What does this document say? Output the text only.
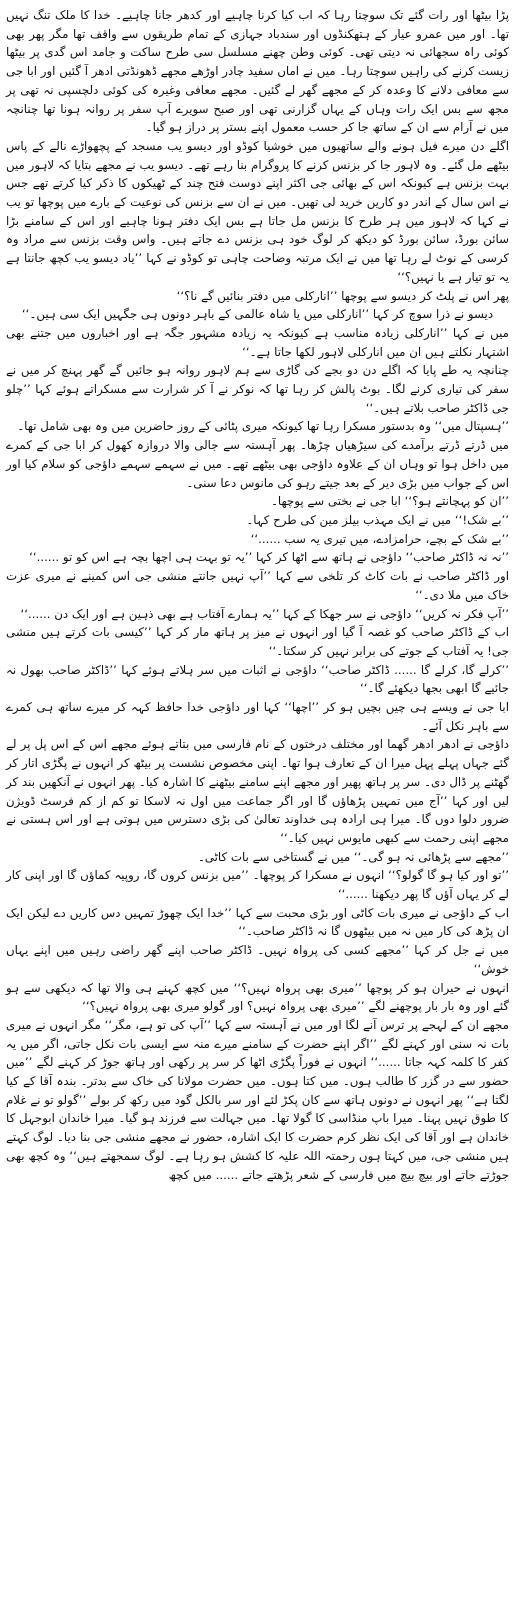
پڑا بیٹھا اور رات گئے تک سوچتا رہا کہ اب کیا کرنا چاہیے اور کدھر جانا چاہیے۔ خدا کا ملک تنگ نہیں تھا۔ اور میں عمرو عیار کے ہتھکنڈوں اور سندباد جہازی کے تمام طریقوں سے واقف تھا مگر پھر بھی کوئی راہ سجھائی نہ دیتی تھی۔ کوئی وطن چھنے مسلسل سی طرح ساکت و جامد اس گدی پر بیٹھا زیست کرنے کی راہیں سوچتا رہا۔ میں نے اماں سفید چادر اوڑھے مجھے ڈھونڈتی ادھر آ گئیں اور ابا جی سے معافی دلانے کا وعدہ کر کے مجھے گھر لے گئیں۔ مجھے معافی وغیرہ کی کوئی دلچسپی نہ تھی پر مجھ سے بس ایک رات وہاں کے یہاں گزارنی تھی اور صبح سویرے آپ سفر پر روانہ ہونا تھا چنانچہ میں نے آرام سے ان کے ساتھ جا کر حسب معمول اپنے بستر پر دراز ہو گیا۔

اگلے دن میرے فیل ہونے والے ساتھیوں میں خوشیا کوڈو اور دیسو یب مسجد کے پچھواڑے نالے کے پاس بیٹھے مل گئے۔ وہ لاہور جا کر بزنس کرنے کا پروگرام بنا رہے تھے۔ دیسو یب نے مجھے بتایا کہ لاہور میں بہت بزنس ہے کیونکہ اس کے بھائی جی اکثر اپنے دوست فتح چند کے ٹھیکوں کا ذکر کیا کرتے تھے جس نے اس سال کے اندر دو کاریں خرید لی تھیں۔ میں نے ان سے بزنس کی نوعیت کے بارے میں پوچھا تو یب نے کہا کہ لاہور میں ہر طرح کا بزنس مل جاتا ہے بس ایک دفتر ہونا چاہیے اور اس کے سامنے بڑا سائن بورڈ، سائن بورڈ کو دیکھ کر لوگ خود ہی بزنس دے جاتے ہیں۔ واس وقت بزنس سے مراد وہ کرسی کے نوٹ لے رہا تھا میں نے ایک مرتبہ وضاحت چاہی تو کوڈو نے کہا ’’یاد دیسو یب کچھ جانتا ہے یہ تو تیار ہے یا نہیں؟‘‘

پھر اس نے پلٹ کر دیسو سے پوچھا ’’انارکلی میں دفتر بنائیں گے نا؟‘‘

دیسو نے ذرا سوچ کر کہا ’’انارکلی میں یا شاہ عالمی کے باہر دونوں ہی جگہیں ایک سی ہیں۔‘‘

میں نے کہا ’’انارکلی زیادہ مناسب ہے کیونکہ یہ زیادہ مشہور جگہ ہے اور اخباروں میں جتنے بھی اشتہار نکلتے ہیں ان میں انارکلی لاہور لکھا جاتا ہے۔‘‘

چنانچہ یہ طے پایا کہ اگلے دن دو بجے کی گاڑی سے ہم لاہور روانہ ہو جائیں گے گھر پہنچ کر میں نے سفر کی تیاری کرنے لگا۔ بوٹ پالش کر رہا تھا کہ نوکر نے آ کر شرارت سے مسکراتے ہوئے کہا ’’چلو جی ڈاکٹر صاحب بلاتے ہیں۔‘‘

’’ہسپتال میں‘‘ وہ بدستور مسکرا رہا تھا کیونکہ میری پٹائی کے روز حاضرین میں وہ بھی شامل تھا۔

میں ڈرتے ڈرتے برآمدے کی سیڑھیاں چڑھا۔ پھر آہستہ سے جالی والا دروازہ کھول کر ابا جی کے کمرے میں داخل ہوا تو وہاں ان کے علاوہ داؤجی بھی بیٹھے تھے۔ میں نے سہمے سہمے داؤجی کو سلام کیا اور اس کے جواب میں بڑی دیر کے بعد جیتے رہو کی مانوس دعا سنی۔

’’ان کو پہچانتے ہو؟‘‘ ابا جی نے بختی سے پوچھا۔

’’بے شک!‘‘ میں نے ایک مہذب بیلز مین کی طرح کہا۔

’’بے شک کے بچے، حرامزادے، میں تیری یہ سب ......‘‘

’’نہ نہ ڈاکٹر صاحب‘‘ داؤجی نے ہاتھ سے اٹھا کر کہا ’’یہ تو بہت ہی اچھا بچہ ہے اس کو تو ......‘‘

اور ڈاکٹر صاحب نے بات کاٹ کر تلخی سے کہا ’’آپ نہیں جانتے منشی جی اس کمینے نے میری عزت خاک میں ملا دی۔‘‘

’’آپ فکر نہ کریں‘‘ داؤجی نے سر جھکا کے کہا ’’یہ ہمارے آفتاب ہے بھی ذہین ہے اور ایک دن ......‘‘

اب کے ڈاکٹر صاحب کو غصہ آ گیا اور انہوں نے میز پر ہاتھ مار کر کہا ’’کیسی بات کرتے ہیں منشی جی! یہ آفتاب کے جوتے کی برابر نہیں کر سکتا۔‘‘

’’کرلے گا، کرلے گا ...... ڈاکٹر صاحب‘‘ داؤجی نے اثبات میں سر ہلاتے ہوئے کہا ’’ڈاکٹر صاحب بھول نہ جائیے گا ابھی بجھا دیکھئے گا۔‘‘

ابا جی نے ویسے ہی چیں بچیں ہو کر ’’اچھا‘‘ کہا اور داؤجی خدا حافظ کہہ کر میرے ساتھ ہی کمرے سے باہر نکل آئے۔

داؤجی نے ادھر ادھر گھما اور مختلف درختوں کے نام فارسی میں بتاتے ہوئے مجھے اس کے اس پل پر لے گئے جہاں پہلے پہل میرا ان کے تعارف ہوا تھا۔ اپنی مخصوص نشست پر بیٹھ کر انہوں نے پگڑی اتار کر گھٹنے پر ڈال دی۔ سر پر ہاتھ پھیر اور مجھے اپنے سامنے بیٹھنے کا اشارہ کیا۔ پھر انہوں نے آنکھیں بند کر لیں اور کہا ’’آج میں تمہیں پڑھاؤں گا اور اگر جماعت میں اول نہ لاسکا تو کم از کم فرسٹ ڈویژن ضرور دلوا دوں گا۔ میرا ہی ارادہ ہی خداوند تعالیٰ کی بڑی دسترس میں ہوتی ہے اور اس ہستی نے مجھے اپنی رحمت سے کبھی مایوس نہیں کیا۔‘‘

’’مجھے سے پڑھائی نہ ہو گی۔‘‘ میں نے گستاخی سے بات کاٹی۔

’’تو اور کیا ہو گا گولو؟‘‘ انہوں نے مسکرا کر پوچھا۔ ’’میں بزنس کروں گا، روپیہ کماؤں گا اور اپنی کار لے کر یہاں آؤں گا پھر دیکھنا ......‘‘

اب کے داؤجی نے میری بات کاٹی اور بڑی محبت سے کہا ’’خدا ایک چھوڑ تمہیں دس کاریں دے لیکن ایک ان پڑھ کی کار میں نہ میں بیٹھوں گا نہ ڈاکٹر صاحب۔‘‘

میں نے جل کر کہا ’’مجھے کسی کی پرواہ نہیں۔ ڈاکٹر صاحب اپنے گھر راضی رہیں میں اپنے یہاں خوش‘‘

انہوں نے حیران ہو کر پوچھا ’’میری بھی پرواہ نہیں؟‘‘ میں کچھ کہنے ہی والا تھا کہ دیکھی سے ہو گئے اور وہ بار بار پوچھنے لگے ’’میری بھی پرواہ نہیں؟ اور گولو میری بھی پرواہ نہیں؟‘‘

مجھے ان کے لہجے پر ترس آنے لگا اور میں نے آہستہ سے کہا ’’آپ کی تو ہے، مگر‘‘ مگر انہوں نے میری بات نہ سنی اور کہنے لگے ’’اگر اپنے حضرت کے سامنے میرے منہ سے ایسی بات نکل جاتی، اگر میں یہ کفر کا کلمہ کہہ جاتا ......‘‘ انہوں نے فوراً پگڑی اٹھا کر سر پر رکھی اور ہاتھ جوڑ کر کہنے لگے ’’میں حضور سے در گزر کا طالب ہوں۔ میں کتا ہوں۔ میں حضرت مولانا کی خاک سے بدتر۔ بندہ آقا کے کیا لگتا ہے‘‘ پھر انہوں نے دونوں ہاتھ سے کان پکڑ لئے اور سر بالکل گود میں رکھ کر بولے ’’گولو تو نے غلام کا طوق نہیں پہنا۔ میرا باپ منڈاسی کا گولا تھا۔ میں جہالت سے فرزند ہو گیا۔ میرا خاندان ابوجہل کا خاندان ہے اور آقا کی ایک نظر کرم حضرت کا ایک اشارہ، حضور نے مجھے منشی جی بنا دیا۔ لوگ کہتے ہیں منشی جی، میں کہتا ہوں رحمتہ اللہ علیہ کا کشش ہو رہا ہے۔ لوگ سمجھتے ہیں‘‘ وہ کچھ بھی جوڑتے جاتے اور بیچ بیچ میں فارسی کے شعر پڑھتے جاتے ...... میں کچھ
